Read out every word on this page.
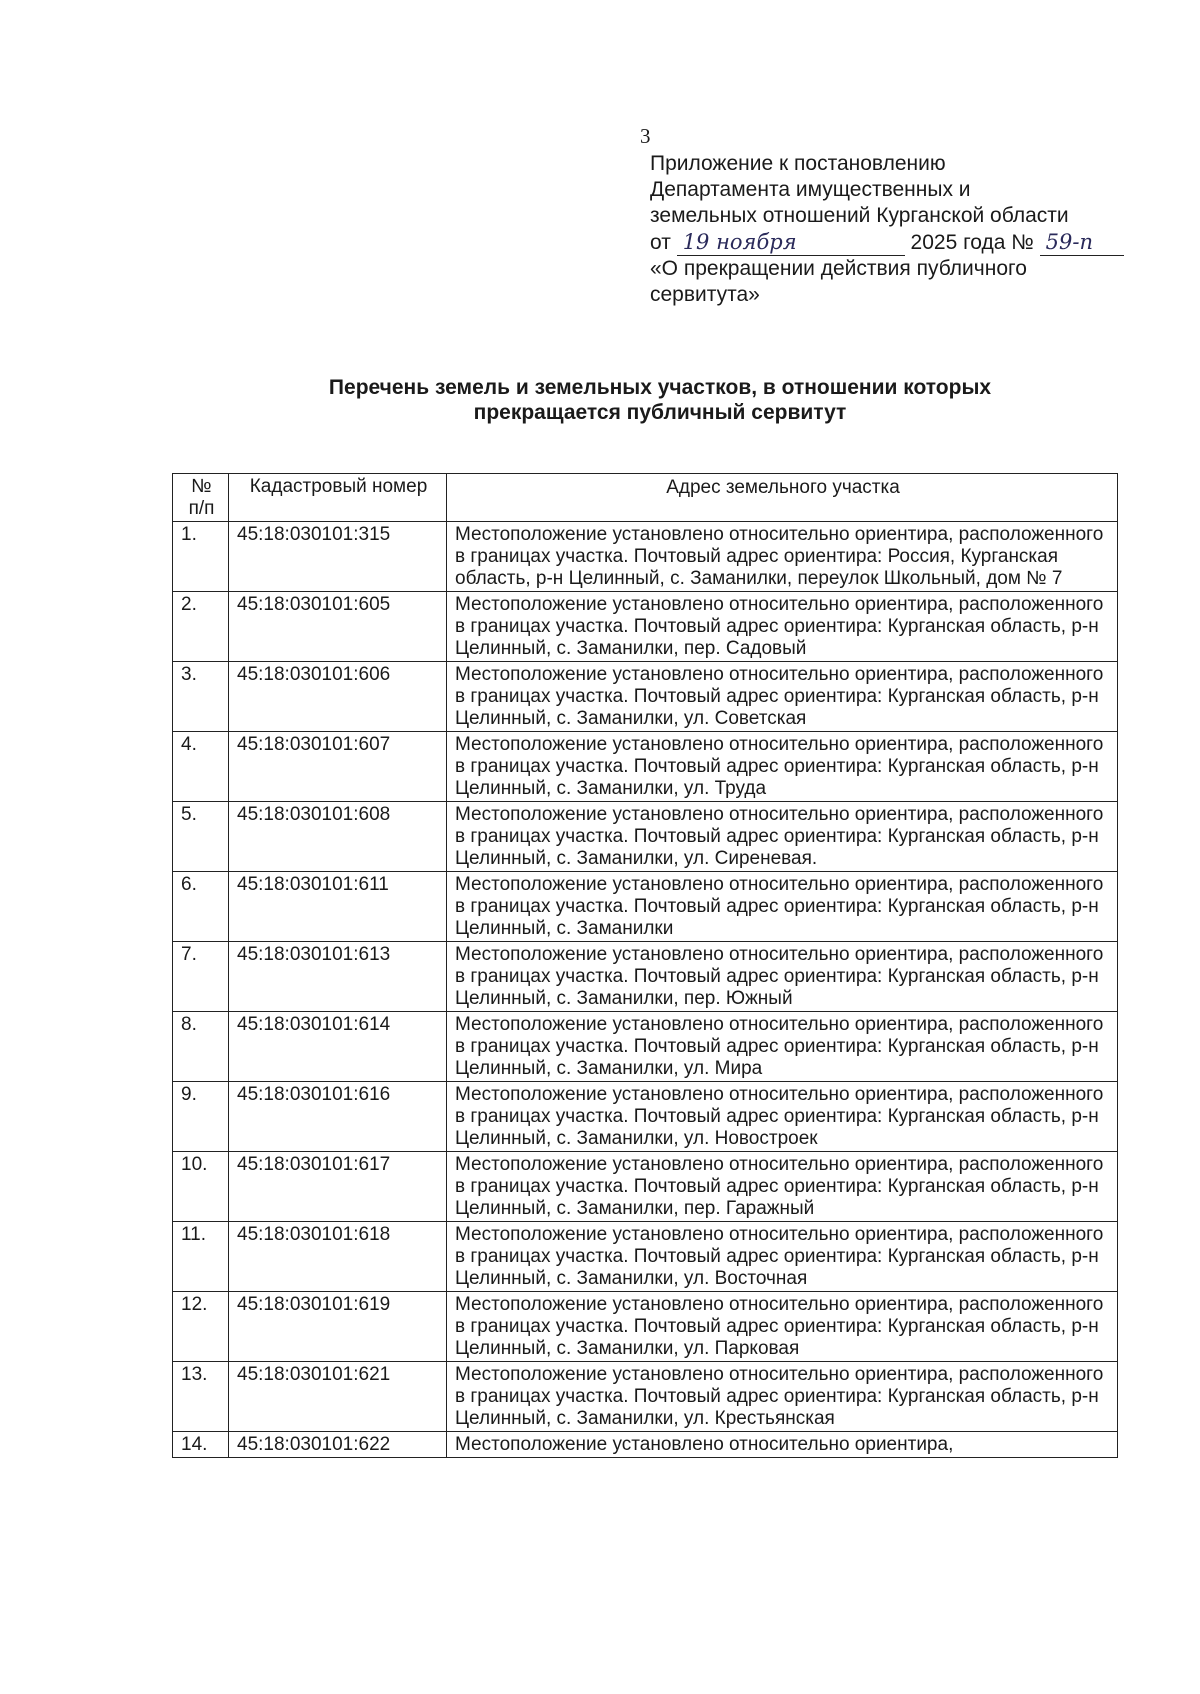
3
Приложение к постановлению
Департамента имущественных и
земельных отношений Курганской области
от 19 ноября	2025 года № 59-п
«О прекращении действия публичного
сервитута»
Перечень земель и земельных участков, в отношении которых
прекращается публичный сервитут
№ п/п	Кадастровый номер	Адрес земельного участка
1.	45:18:030101:315	Местоположение установлено относительно ориентира, расположенного в границах участка. Почтовый адрес ориентира: Россия, Курганская область, р-н Целинный, с. Заманилки, переулок Школьный, дом № 7
2.	45:18:030101:605	Местоположение установлено относительно ориентира, расположенного в границах участка. Почтовый адрес ориентира: Курганская область, р-н Целинный, с. Заманилки, пер. Садовый
3.	45:18:030101:606	Местоположение установлено относительно ориентира, расположенного в границах участка. Почтовый адрес ориентира: Курганская область, р-н Целинный, с. Заманилки, ул. Советская
4.	45:18:030101:607	Местоположение установлено относительно ориентира, расположенного в границах участка. Почтовый адрес ориентира: Курганская область, р-н Целинный, с. Заманилки, ул. Труда
5.	45:18:030101:608	Местоположение установлено относительно ориентира, расположенного в границах участка. Почтовый адрес ориентира: Курганская область, р-н Целинный, с. Заманилки, ул. Сиреневая.
6.	45:18:030101:611	Местоположение установлено относительно ориентира, расположенного в границах участка. Почтовый адрес ориентира: Курганская область, р-н Целинный, с. Заманилки
7.	45:18:030101:613	Местоположение установлено относительно ориентира, расположенного в границах участка. Почтовый адрес ориентира: Курганская область, р-н Целинный, с. Заманилки, пер. Южный
8.	45:18:030101:614	Местоположение установлено относительно ориентира, расположенного в границах участка. Почтовый адрес ориентира: Курганская область, р-н Целинный, с. Заманилки, ул. Мира
9.	45:18:030101:616	Местоположение установлено относительно ориентира, расположенного в границах участка. Почтовый адрес ориентира: Курганская область, р-н Целинный, с. Заманилки, ул. Новостроек
10.	45:18:030101:617	Местоположение установлено относительно ориентира, расположенного в границах участка. Почтовый адрес ориентира: Курганская область, р-н Целинный, с. Заманилки, пер. Гаражный
11.	45:18:030101:618	Местоположение установлено относительно ориентира, расположенного в границах участка. Почтовый адрес ориентира: Курганская область, р-н Целинный, с. Заманилки, ул. Восточная
12.	45:18:030101:619	Местоположение установлено относительно ориентира, расположенного в границах участка. Почтовый адрес ориентира: Курганская область, р-н Целинный, с. Заманилки, ул. Парковая
13.	45:18:030101:621	Местоположение установлено относительно ориентира, расположенного в границах участка. Почтовый адрес ориентира: Курганская область, р-н Целинный, с. Заманилки, ул. Крестьянская
14.	45:18:030101:622	Местоположение установлено относительно ориентира,
